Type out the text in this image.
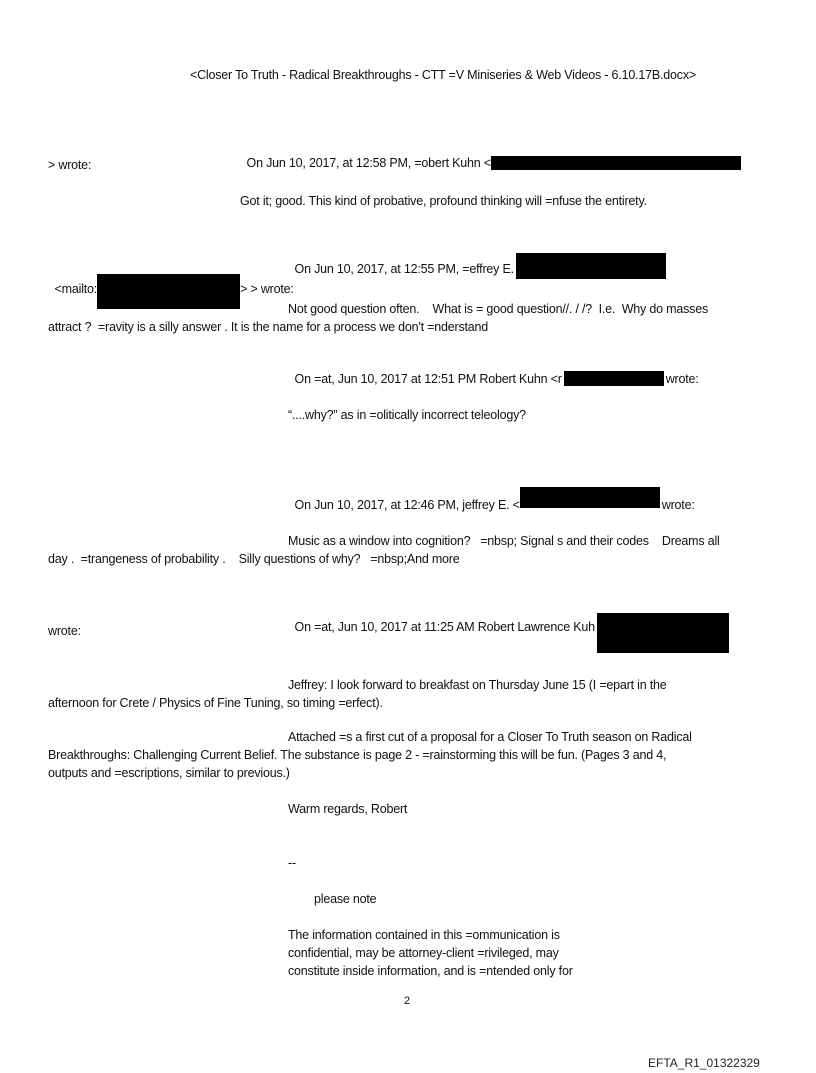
<Closer To Truth - Radical Breakthroughs - CTT =V Miniseries & Web Videos - 6.10.17B.docx>

On Jun 10, 2017, at 12:58 PM, =obert Kuhn <

> wrote:
Got it; good. This kind of probative, profound thinking will =nfuse the entirety.

On Jun 10, 2017, at 12:55 PM, =effrey E.

<mailto:	> > wrote:

Not good question often.    What is = good question//. / /?  I.e.  Why do masses
attract ?  =ravity is a silly answer . It is the name for a process we don't =nderstand

On =at, Jun 10, 2017 at 12:51 PM Robert Kuhn <r	wrote:

“....why?” as in =olitically incorrect teleology?

On Jun 10, 2017, at 12:46 PM, jeffrey E. <	wrote:

Music as a window into cognition?   =nbsp; Signal s and their codes    Dreams all
day .  =trangeness of probability .    Silly questions of why?   =nbsp;And more

On =at, Jun 10, 2017 at 11:25 AM Robert Lawrence Kuh

wrote:
Jeffrey: I look forward to breakfast on Thursday June 15 (I =epart in the
afternoon for Crete / Physics of Fine Tuning, so timing =erfect).
Attached =s a first cut of a proposal for a Closer To Truth season on Radical
Breakthroughs: Challenging Current Belief. The substance is page 2 - =rainstorming this will be fun. (Pages 3 and 4,
outputs and =escriptions, similar to previous.)
Warm regards, Robert
--
please note
The information contained in this =ommunication is
confidential, may be attorney-client =rivileged, may
constitute inside information, and is =ntended only for
2
EFTA_R1_01322329
